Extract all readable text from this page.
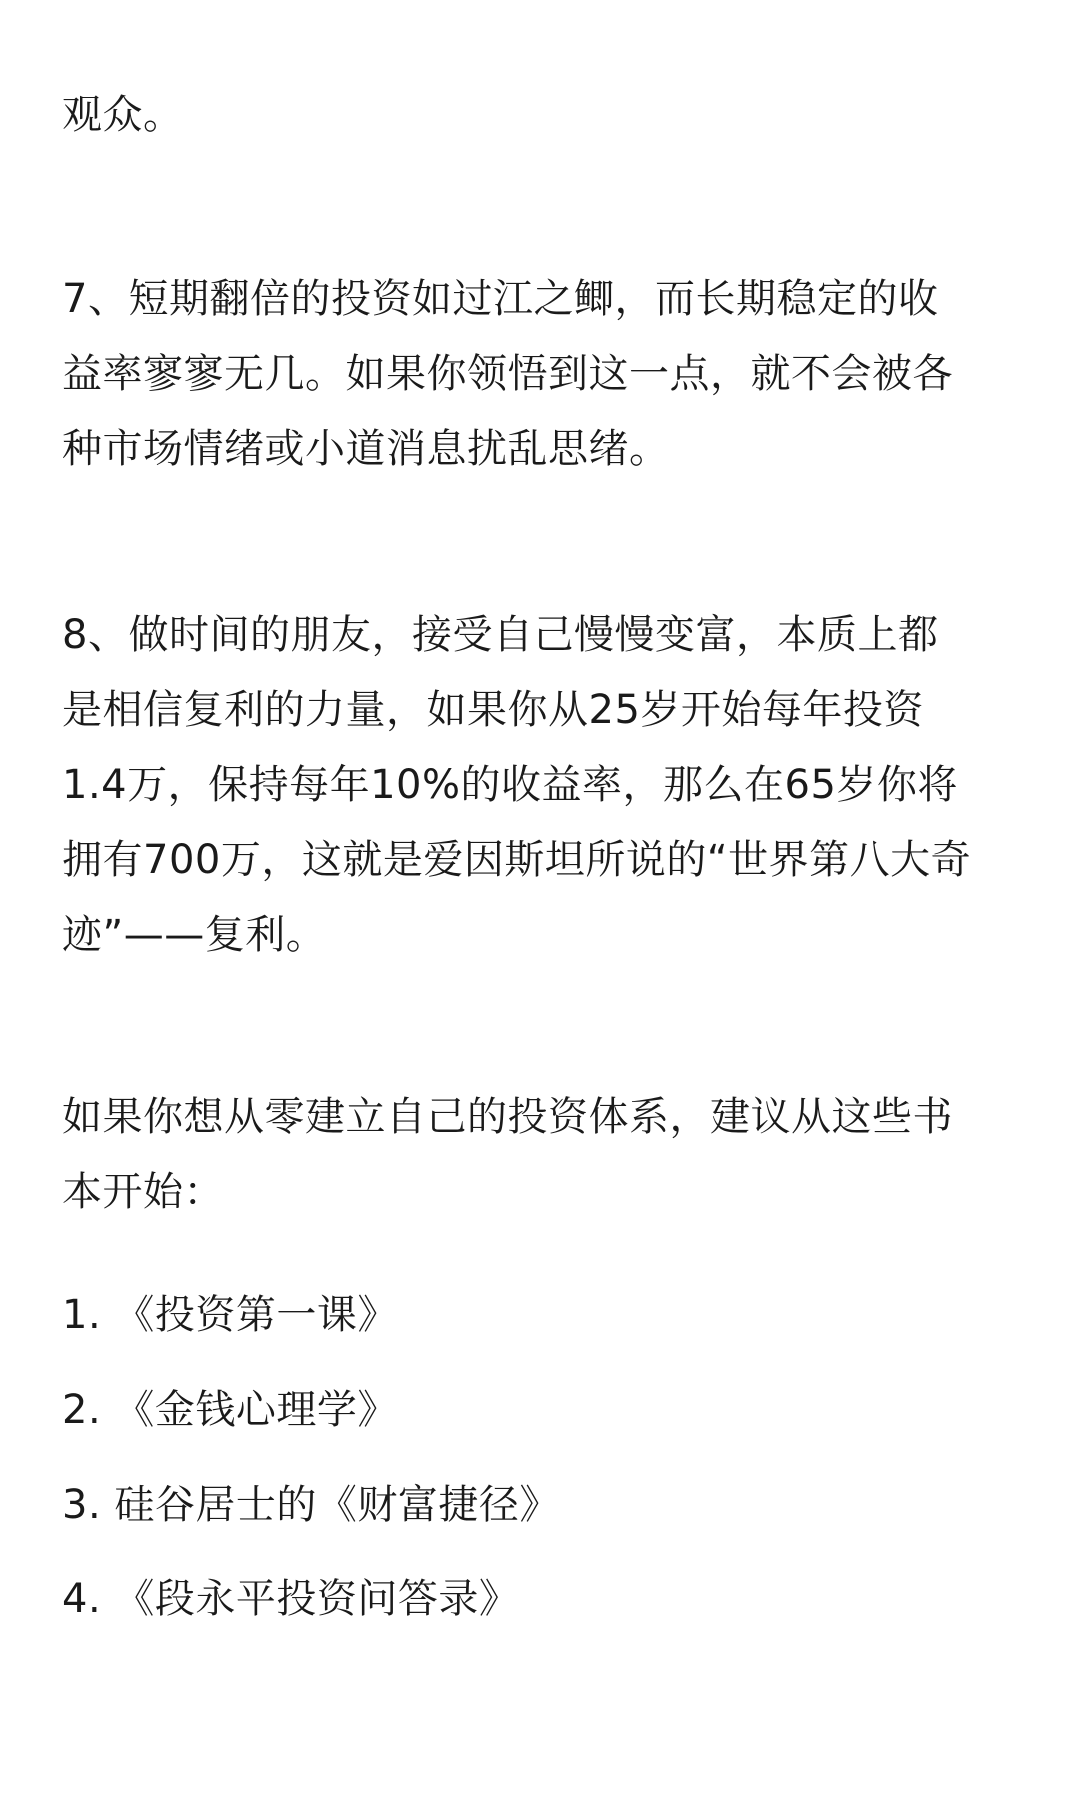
观众。

7、短期翻倍的投资如过江之鲫，而长期稳定的收
益率寥寥无几。如果你领悟到这一点，就不会被各
种市场情绪或小道消息扰乱思绪。

8、做时间的朋友，接受自己慢慢变富，本质上都
是相信复利的力量，如果你从25岁开始每年投资
1.4万，保持每年10%的收益率，那么在65岁你将
拥有700万，这就是爱因斯坦所说的“世界第八大奇
迹”——复利。

如果你想从零建立自己的投资体系，建议从这些书
本开始：

1. 《投资第一课》

2. 《金钱心理学》

3. 硅谷居士的《财富捷径》

4. 《段永平投资问答录》
